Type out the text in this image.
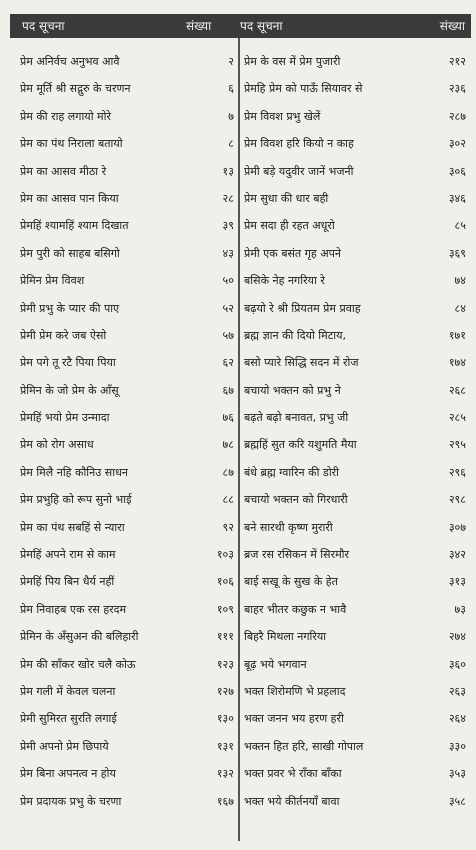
पद सूचना	संख्या पद सूचना	संख्या
प्रेम अनिर्वच अनुभव आवै	२ प्रेम के वस में प्रेम पुजारी	२१२
प्रेम मूर्ति श्री सद्गुरु के चरणन	६ प्रेमहि प्रेम को पाऊँ सियावर से	२३६
प्रेम की राह लगायो मोरे	७ प्रेम विवश प्रभु खेलें	२८७
प्रेम का पंथ निराला बतायो	८ प्रेम विवश हरि कियो न काह	३०२
प्रेम का आसव मीठा रे	१३ प्रेमी बड़े यदुवीर जानें भजनी	३०६
प्रेम का आसव पान किया	२८ प्रेम सुधा की धार बही	३४६
प्रेमहिं श्यामहिं श्याम दिखात	३९ प्रेम सदा ही रहत अधूरो	८५
प्रेम पुरी को साहब बसिगो	४३ प्रेमी एक बसंत गृह अपने	३६९
प्रेमिन प्रेम विवश	५० बसिके नेह नगरिया रे	७४
प्रेमी प्रभु के प्यार की पाए	५२ बढ़यो रे श्री प्रियतम प्रेम प्रवाह	८४
प्रेमी प्रेम करे जब ऐसो	५७ ब्रह्म ज्ञान की दियो मिटाय,	१७१
प्रेम पगे तू रटै पिया पिया	६२ बसो प्यारे सिद्धि सदन में रोज	१७४
प्रेमिन के जो प्रेम के आँसू	६७ बचायो भक्तन को प्रभु ने	२६८
प्रेमहिं भयो प्रेम उन्मादा	७६ बढ़ते बढ़ो बनावत, प्रभु जी	२८५
प्रेम को रोग असाध	७८ ब्रह्महिं सुत करि यशुमति मैया	२९५
प्रेम मिलै नहि कौनिउ साधन	८७ बंधे ब्रह्म ग्वारिन की डोरी	२९६
प्रेम प्रभुहि को रूप सुनो भाई	८८ बचायो भक्तन को गिरधारी	२९८
प्रेम का पंथ सबहिं से न्यारा	९२ बने सारथी कृष्ण मुरारी	३०७
प्रेमहिं अपने राम से काम	१०३ ब्रज रस रसिकन में सिरमौर	३४२
प्रेमहिं पिय बिन धैर्य नहीं	१०६ बाई सखू के सुख के हेत	३१३
प्रेम निवाहब एक रस हरदम	१०९ बाहर भीतर कछुक न भावै	७३
प्रेमिन के अँसुअन की बलिहारी	१११ बिहरै मिथला नगरिया	२७४
प्रेम की साँकर खोर चलै कोऊ	१२३ बूढ़ भये भगवान	३६०
प्रेम गली में केवल चलना	१२७ भक्त शिरोमणि भे प्रहलाद	२६३
प्रेमी सुमिरत सुरति लगाई	१३० भक्त जनन भय हरण हरी	२६४
प्रेमी अपनो प्रेम छिपाये	१३१ भक्तन हित हरि, साखी गोपाल	३३०
प्रेम बिना अपनत्व न होय	१३२ भक्त प्रवर भे राँका बाँका	३५३
प्रेम प्रदायक प्रभु के चरणा	१६७ भक्त भये कीर्तनयाँ बावा	३५८
